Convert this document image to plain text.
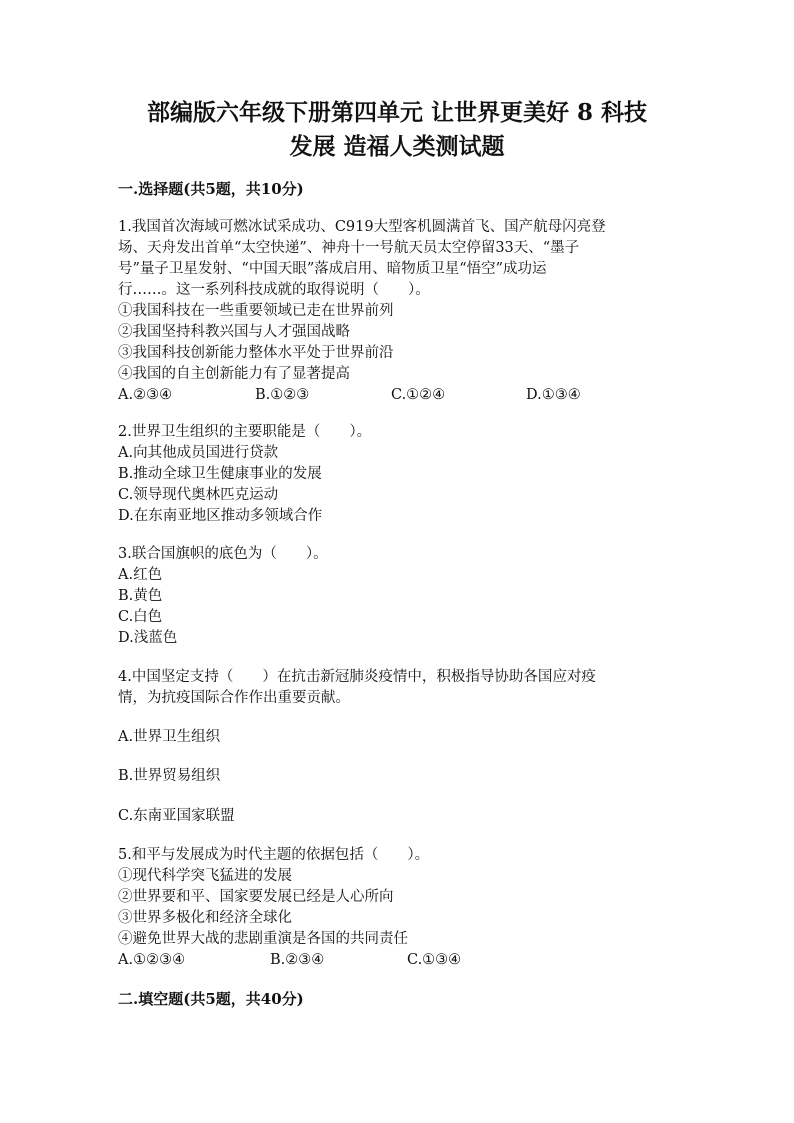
部编版六年级下册第四单元 让世界更美好 8 科技
发展 造福人类测试题
一.选择题(共5题，共10分)
1.我国首次海域可燃冰试采成功、C919大型客机圆满首飞、国产航母闪亮登
场、天舟发出首单“太空快递”、神舟十一号航天员太空停留33天、“墨子
号”量子卫星发射、“中国天眼”落成启用、暗物质卫星“悟空”成功运
行……。这一系列科技成就的取得说明（　　）。
①我国科技在一些重要领域已走在世界前列
②我国坚持科教兴国与人才强国战略
③我国科技创新能力整体水平处于世界前沿
④我国的自主创新能力有了显著提高
A.②③④	B.①②③	C.①②④	D.①③④
2.世界卫生组织的主要职能是（　　）。
A.向其他成员国进行贷款
B.推动全球卫生健康事业的发展
C.领导现代奥林匹克运动
D.在东南亚地区推动多领域合作
3.联合国旗帜的底色为（　　）。
A.红色
B.黄色
C.白色
D.浅蓝色
4.中国坚定支持（　　）在抗击新冠肺炎疫情中，积极指导协助各国应对疫
情，为抗疫国际合作作出重要贡献。
A.世界卫生组织
B.世界贸易组织
C.东南亚国家联盟
5.和平与发展成为时代主题的依据包括（　　）。
①现代科学突飞猛进的发展
②世界要和平、国家要发展已经是人心所向
③世界多极化和经济全球化
④避免世界大战的悲剧重演是各国的共同责任
A.①②③④	B.②③④	C.①③④
二.填空题(共5题，共40分)
